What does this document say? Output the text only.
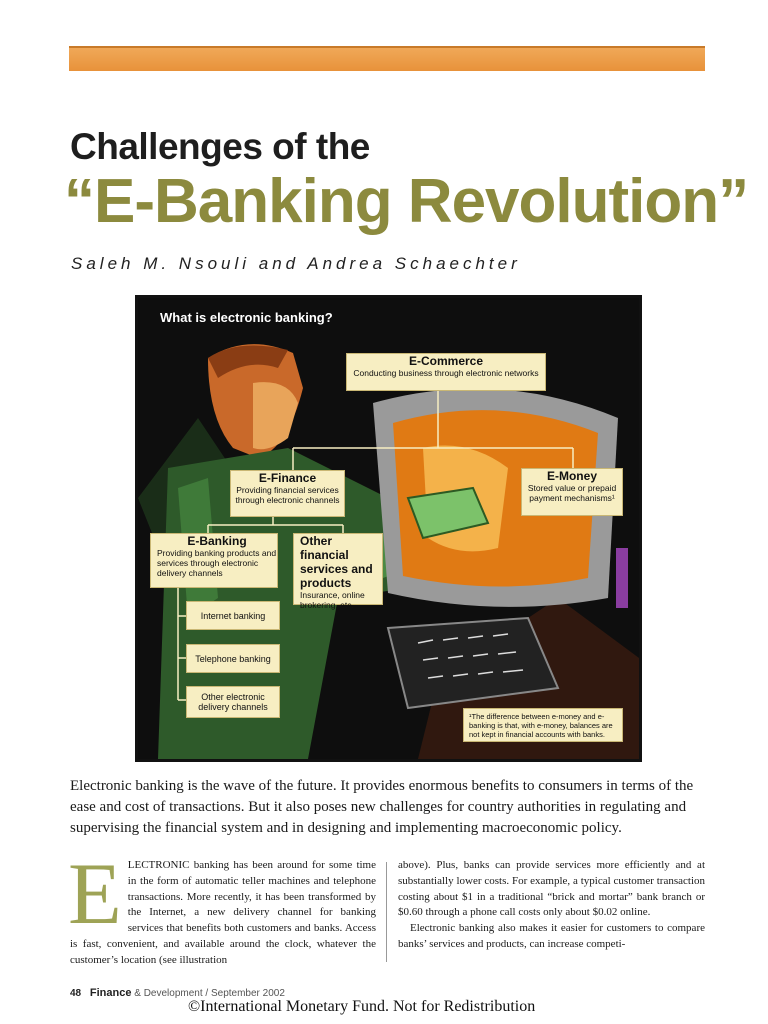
Challenges of the
“E-Banking Revolution”
Saleh M. Nsouli and Andrea Schaechter
What is electronic banking?
E-Commerce
Conducting business through electronic networks
E-Finance
Providing financial services through electronic channels
E-Money
Stored value or prepaid payment mechanisms¹
E-Banking
Providing banking products and services through electronic delivery channels
Other financial services and products
Insurance, online brokering, etc.
Internet banking
Telephone banking
Other electronic delivery channels
¹The difference between e-money and e-banking is that, with e-money, balances are not kept in financial accounts with banks.

Electronic banking is the wave of the future. It provides enormous benefits to consumers in terms of the ease and cost of transactions. But it also poses new challenges for country authorities in regulating and supervising the financial system and in designing and implementing macroeconomic policy.

ELECTRONIC banking has been around for some time in the form of automatic teller machines and telephone transactions. More recently, it has been transformed by the Internet, a new delivery channel for banking services that benefits both customers and banks. Access is fast, convenient, and available around the clock, whatever the customer’s location (see illustration

above). Plus, banks can provide services more efficiently and at substantially lower costs. For example, a typical customer transaction costing about $1 in a traditional “brick and mortar” bank branch or $0.60 through a phone call costs only about $0.02 online.

Electronic banking also makes it easier for customers to compare banks’ services and products, can increase competi-

48 Finance & Development / September 2002
©International Monetary Fund. Not for Redistribution
